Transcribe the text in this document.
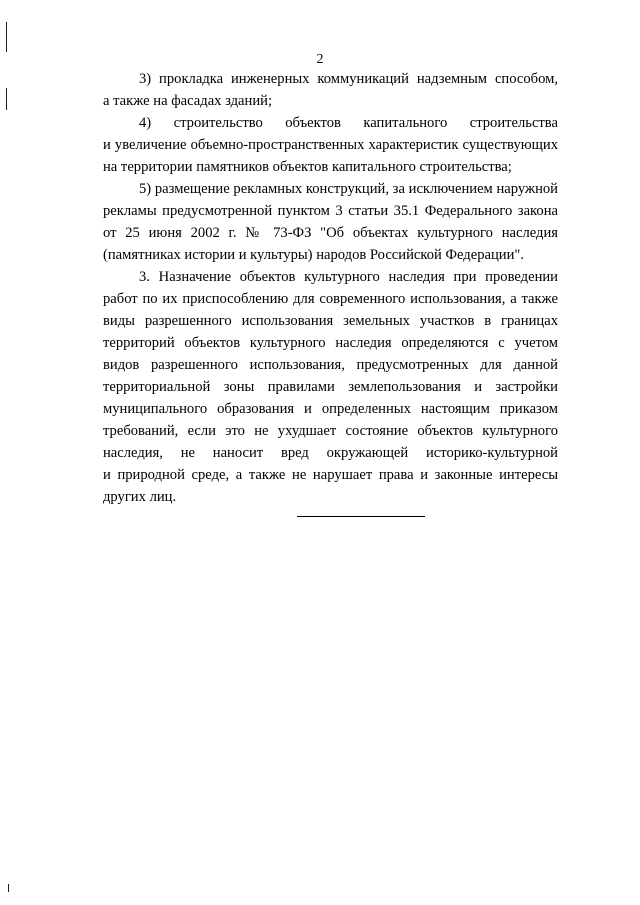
2
3) прокладка инженерных коммуникаций надземным способом,
а также на фасадах зданий;
4) строительство объектов капитального строительства
и увеличение объемно-пространственных характеристик существующих
на территории памятников объектов капитального строительства;
5) размещение рекламных конструкций, за исключением наружной
рекламы предусмотренной пунктом 3 статьи 35.1 Федерального закона
от 25 июня 2002 г. № 73-ФЗ "Об объектах культурного наследия
(памятниках истории и культуры) народов Российской Федерации".
3. Назначение объектов культурного наследия при проведении
работ по их приспособлению для современного использования, а также
виды разрешенного использования земельных участков в границах
территорий объектов культурного наследия определяются с учетом
видов разрешенного использования, предусмотренных для данной
территориальной зоны правилами землепользования и застройки
муниципального образования и определенных настоящим приказом
требований, если это не ухудшает состояние объектов культурного
наследия, не наносит вред окружающей историко-культурной
и природной среде, а также не нарушает права и законные интересы
других лиц.
